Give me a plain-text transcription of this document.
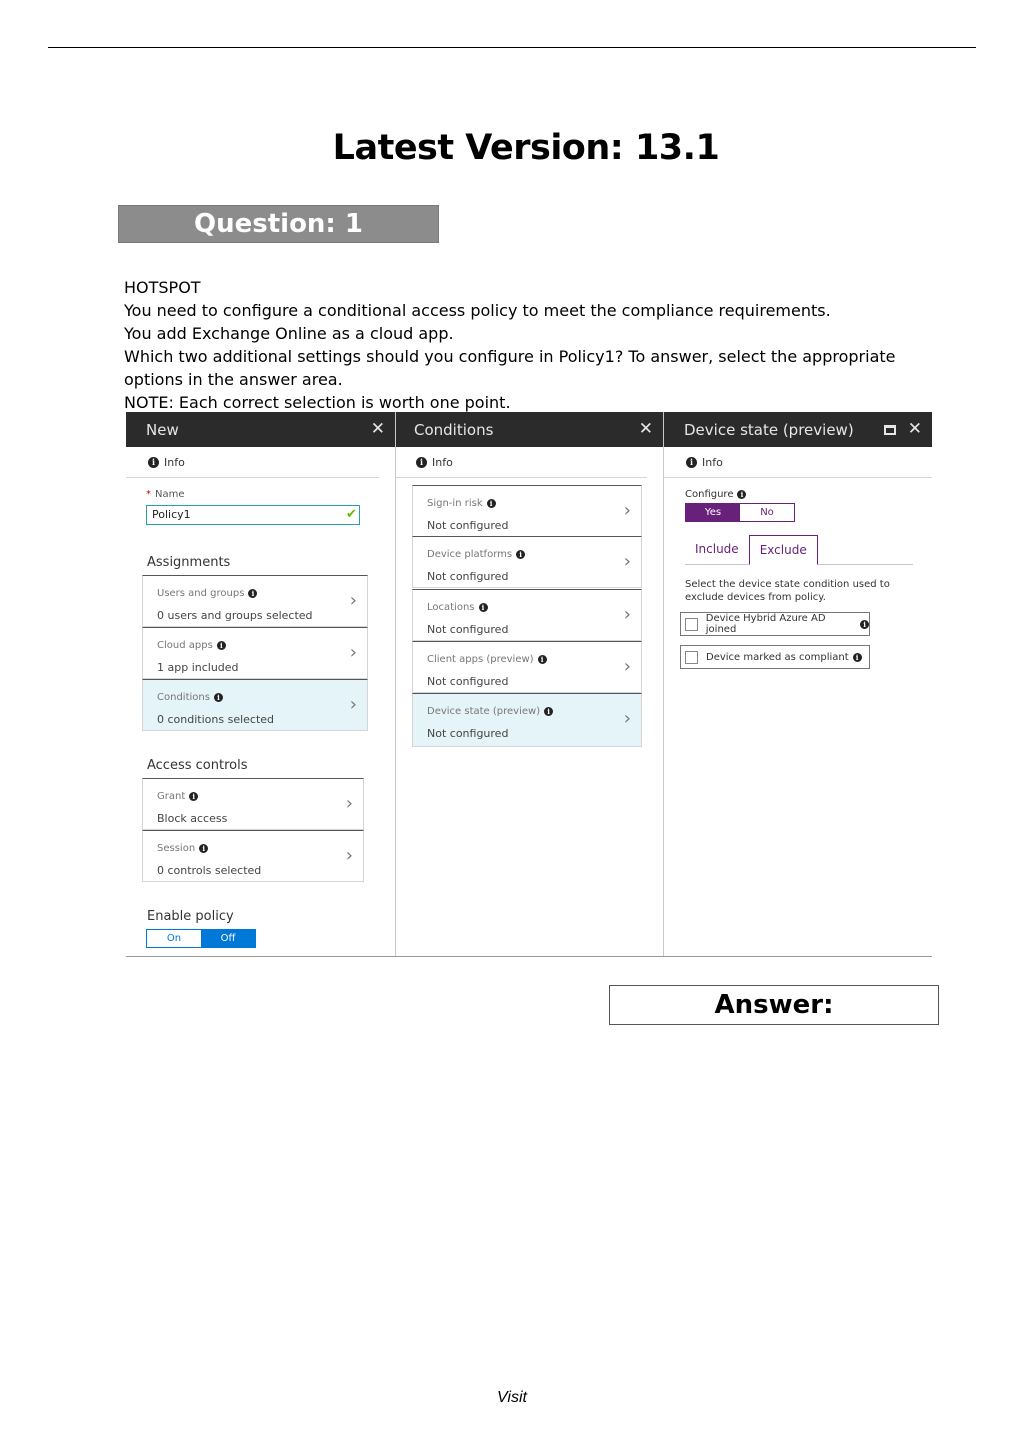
Latest Version: 13.1
Question: 1

HOTSPOT

You need to configure a conditional access policy to meet the compliance requirements.

You add Exchange Online as a cloud app.

Which two additional settings should you configure in Policy1? To answer, select the appropriate

options in the answer area.

NOTE: Each correct selection is worth one point.

New	✕
i Info
* Name
Policy1	✔
Assignments
Users and groups	i
0 users and groups selected
›
Cloud apps	i
1 app included
›
Conditions	i
0 conditions selected
›
Access controls
Grant	i
Block access
›
Session	i
0 controls selected
›
Enable policy
On	Off
Conditions	✕
i Info
Sign-in risk	i
Not configured
›
Device platforms	i
Not configured
›
Locations	i
Not configured
›
Client apps (preview)	i
Not configured
›
Device state (preview)	i
Not configured
›
Device state (preview)	✕
i Info
Configure	i
Yes	No
Include	Exclude
Select the device state condition used to exclude devices from policy.
Device Hybrid Azure AD joined	i
Device marked as compliant	i
Answer:
Visit
